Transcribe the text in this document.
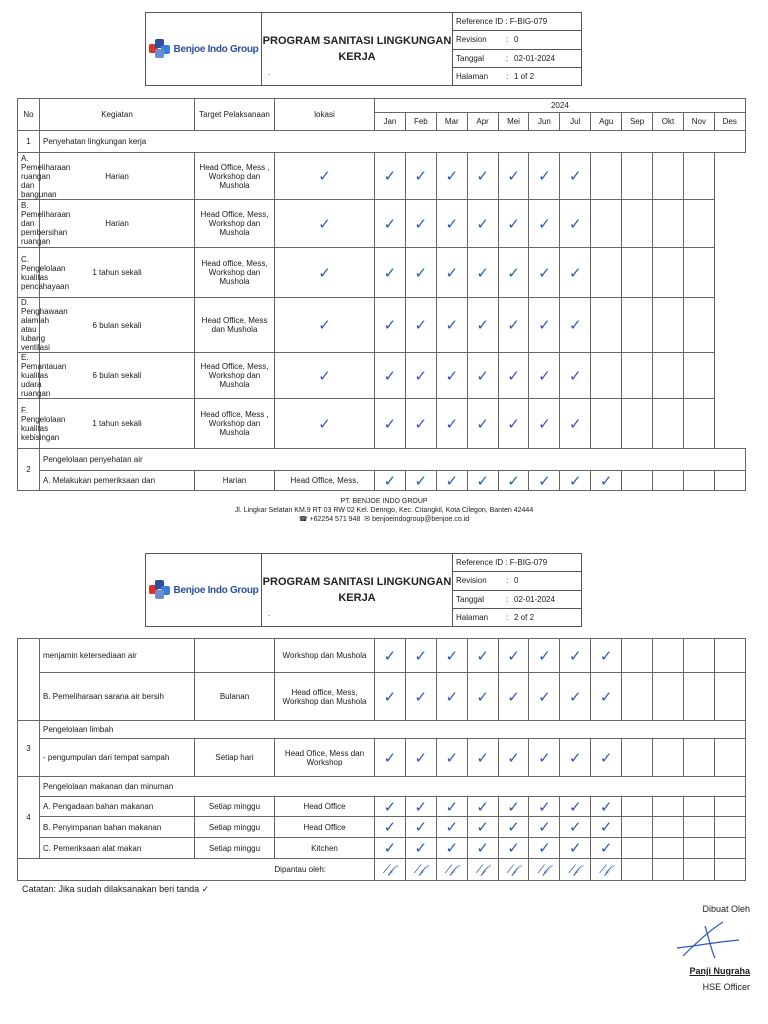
Benjoe Indo Group
PROGRAM SANITASI LINGKUNGAN
KERJA
.
Reference ID : F-BIG-079
Revision	: 0
Tanggal	: 02-01-2024
Halaman	: 1 of 2
No	Kegiatan	Target Pelaksanaan	lokasi	2024											
				Jan	Feb	Mar	Apr	Mei	Jun	Jul	Agu	Sep	Okt	Nov	Des
1	Penyehatan lingkungan kerja														
A. Pemeliharaan ruangan dan bangunan	Harian	Head Office, Mess , Workshop dan Mushola	✓	✓	✓	✓	✓	✓	✓	✓					
B. Pemeliharaan dan pembersihan ruangan	Harian	Head Office, Mess, Workshop dan Mushola	✓	✓	✓	✓	✓	✓	✓	✓					
C. Pengelolaan kualitas pencahayaan	1 tahun sekali	Head office, Mess, Workshop dan Mushola	✓	✓	✓	✓	✓	✓	✓	✓					
D. Penghawaan alamiah atau lubang ventilasi	6 bulan sekali	Head Office, Mess dan Mushola	✓	✓	✓	✓	✓	✓	✓	✓					
E. Pemantauan kualitas udara ruangan	6 bulan sekali	Head Office, Mess, Workshop dan Mushola	✓	✓	✓	✓	✓	✓	✓	✓					
F. Pengelolaan kualitas kebisingan	1 tahun sekali	Head office, Mess , Workshop dan Mushola	✓	✓	✓	✓	✓	✓	✓	✓					
2	Pengelolaan penyehatan air														
	A. Melakukan pemeriksaan dan	Harian	Head Office, Mess,	✓	✓	✓	✓	✓	✓	✓	✓				
PT. BENJOE INDO GROUP
Jl. Lingkar Selatan KM.9 RT 03 RW 02 Kel. Deringo, Kec. Citangkil, Kota Cilegon, Banten 42444
☎ +62254 571 948 ✉ benjoeindogroup@benjoe.co.id
Benjoe Indo Group
PROGRAM SANITASI LINGKUNGAN
KERJA
.
Reference ID : F-BIG-079
Revision	: 0
Tanggal	: 02-01-2024
Halaman	: 2 of 2
	menjamin ketersediaan air		Workshop dan Mushola	✓	✓	✓	✓	✓	✓	✓	✓				
	B. Pemeliharaan sarana air bersih	Bulanan	Head office, Mess, Workshop dan Mushola	✓	✓	✓	✓	✓	✓	✓	✓				
3	Pengelolaan limbah														
	- pengumpulan dari tempat sampah	Setiap hari	Head Ofice, Mess dan Workshop	✓	✓	✓	✓	✓	✓	✓	✓				
4	Pengelolaan makanan dan minuman														
	A. Pengadaan bahan makanan	Setiap minggu	Head Office	✓	✓	✓	✓	✓	✓	✓	✓				
	B. Penyimpanan bahan makanan	Setiap minggu	Head Office	✓	✓	✓	✓	✓	✓	✓	✓				
	C. Pemeriksaan alat makan	Setiap minggu	Kitchen	✓	✓	✓	✓	✓	✓	✓	✓				
Dipantau oleh:				⁄𝒻	⁄𝒻	⁄𝒻	⁄𝒻	⁄𝒻	⁄𝒻	⁄𝒻	⁄𝒻				
Catatan: Jika sudah dilaksanakan beri tanda ✓
Dibuat Oleh
Panji Nugraha
HSE Officer
